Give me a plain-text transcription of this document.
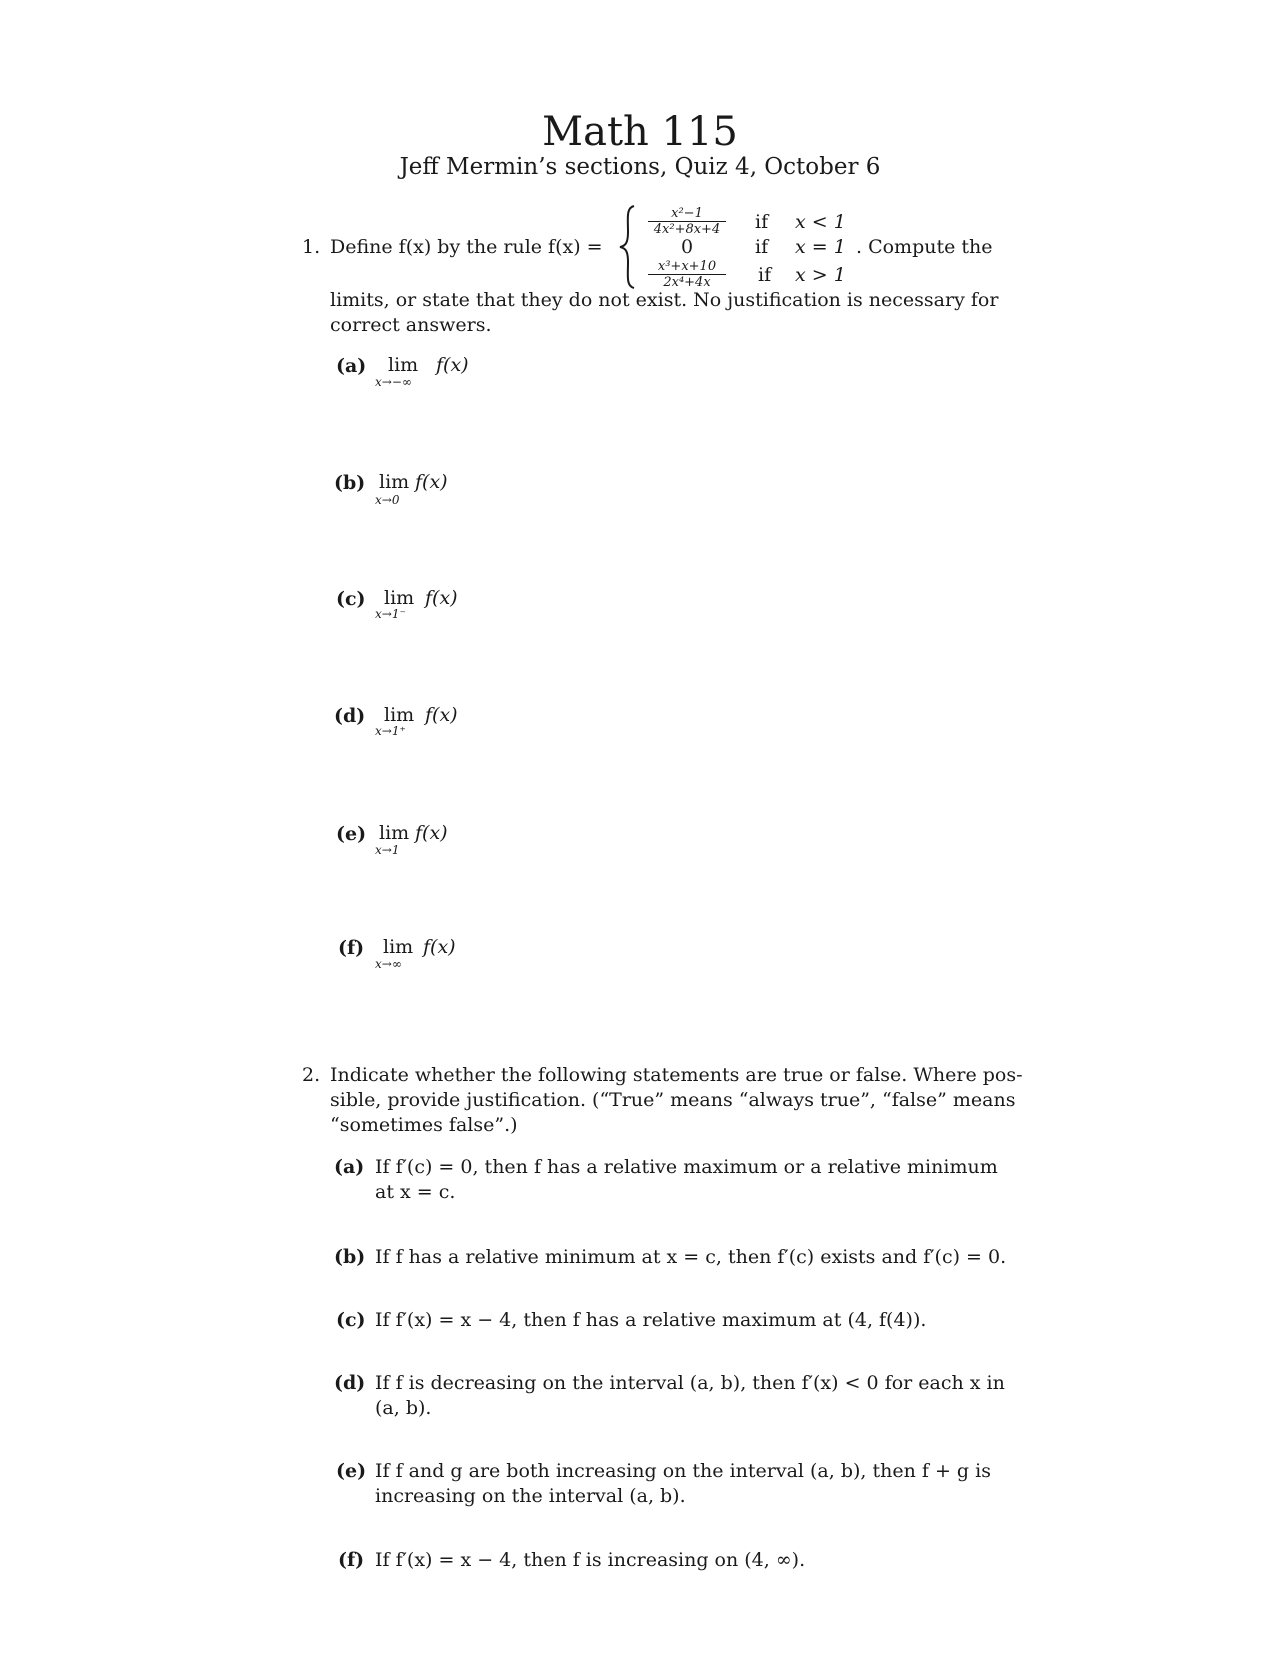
Math 115
Jeff Mermin’s sections, Quiz 4, October 6
1. Define f(x) by the rule f(x) =
$\frac{\text{x²−1}}{\text{4x²+8x+4}}$ if x < 1
0	if x = 1 . Compute the
$\frac{\text{x³+x+10}}{\text{2x⁴+4x}}$ if x > 1
limits, or state that they do not exist. No justification is necessary for
correct answers.
(a) lim
x→−∞
f(x)
(b) lim
x→0
f(x)
(c) lim
x→1⁻
f(x)
(d) lim
x→1⁺
f(x)
(e) lim
x→1
f(x)
(f) lim
x→∞
f(x)
2. Indicate whether the following statements are true or false. Where pos-
sible, provide justification. (“True” means “always true”, “false” means
“sometimes false”.)
(a) If f′(c) = 0, then f has a relative maximum or a relative minimum
at x = c.
(b) If f has a relative minimum at x = c, then f′(c) exists and f′(c) = 0.
(c) If f′(x) = x − 4, then f has a relative maximum at (4, f(4)).
(d) If f is decreasing on the interval (a, b), then f′(x) < 0 for each x in
(a, b).
(e) If f and g are both increasing on the interval (a, b), then f + g is
increasing on the interval (a, b).
(f) If f′(x) = x − 4, then f is increasing on (4, ∞).
